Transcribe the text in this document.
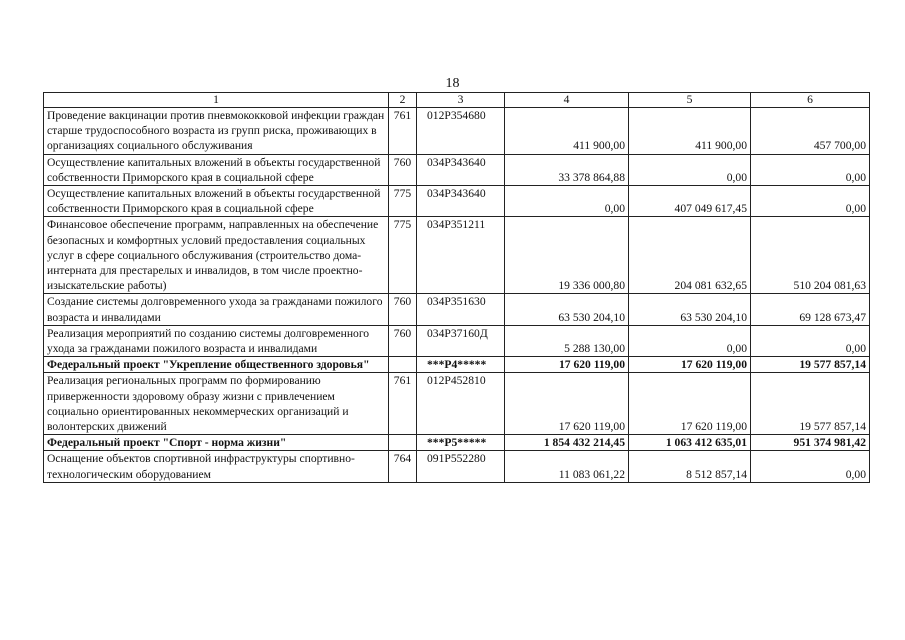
18
1	2	3	4	5	6
Проведение вакцинации против пневмококковой инфекции граждан старше трудоспособного возраста из групп риска, проживающих в организациях социального обслуживания	761	012P354680	411 900,00	411 900,00	457 700,00
Осуществление капитальных вложений в объекты государственной собственности Приморского края в социальной сфере	760	034P343640	33 378 864,88	0,00	0,00
Осуществление капитальных вложений в объекты государственной собственности Приморского края в социальной сфере	775	034P343640	0,00	407 049 617,45	0,00
Финансовое обеспечение программ, направленных на обеспечение безопасных и комфортных условий предоставления социальных услуг в сфере социального обслуживания (строительство дома-интерната для престарелых и инвалидов, в том числе проектно-изыскательские работы)	775	034P351211	19 336 000,80	204 081 632,65	510 204 081,63
Создание системы долговременного ухода за гражданами пожилого возраста и инвалидами	760	034P351630	63 530 204,10	63 530 204,10	69 128 673,47
Реализация мероприятий по созданию системы долговременного ухода за гражданами пожилого возраста и инвалидами	760	034P37160Д	5 288 130,00	0,00	0,00
Федеральный проект "Укрепление общественного здоровья"		***P4*****	17 620 119,00	17 620 119,00	19 577 857,14
Реализация региональных программ по формированию приверженности здоровому образу жизни с привлечением социально ориентированных некоммерческих организаций и волонтерских движений	761	012P452810	17 620 119,00	17 620 119,00	19 577 857,14
Федеральный проект "Спорт - норма жизни"		***P5*****	1 854 432 214,45	1 063 412 635,01	951 374 981,42
Оснащение объектов спортивной инфраструктуры спортивно-технологическим оборудованием	764	091P552280	11 083 061,22	8 512 857,14	0,00
